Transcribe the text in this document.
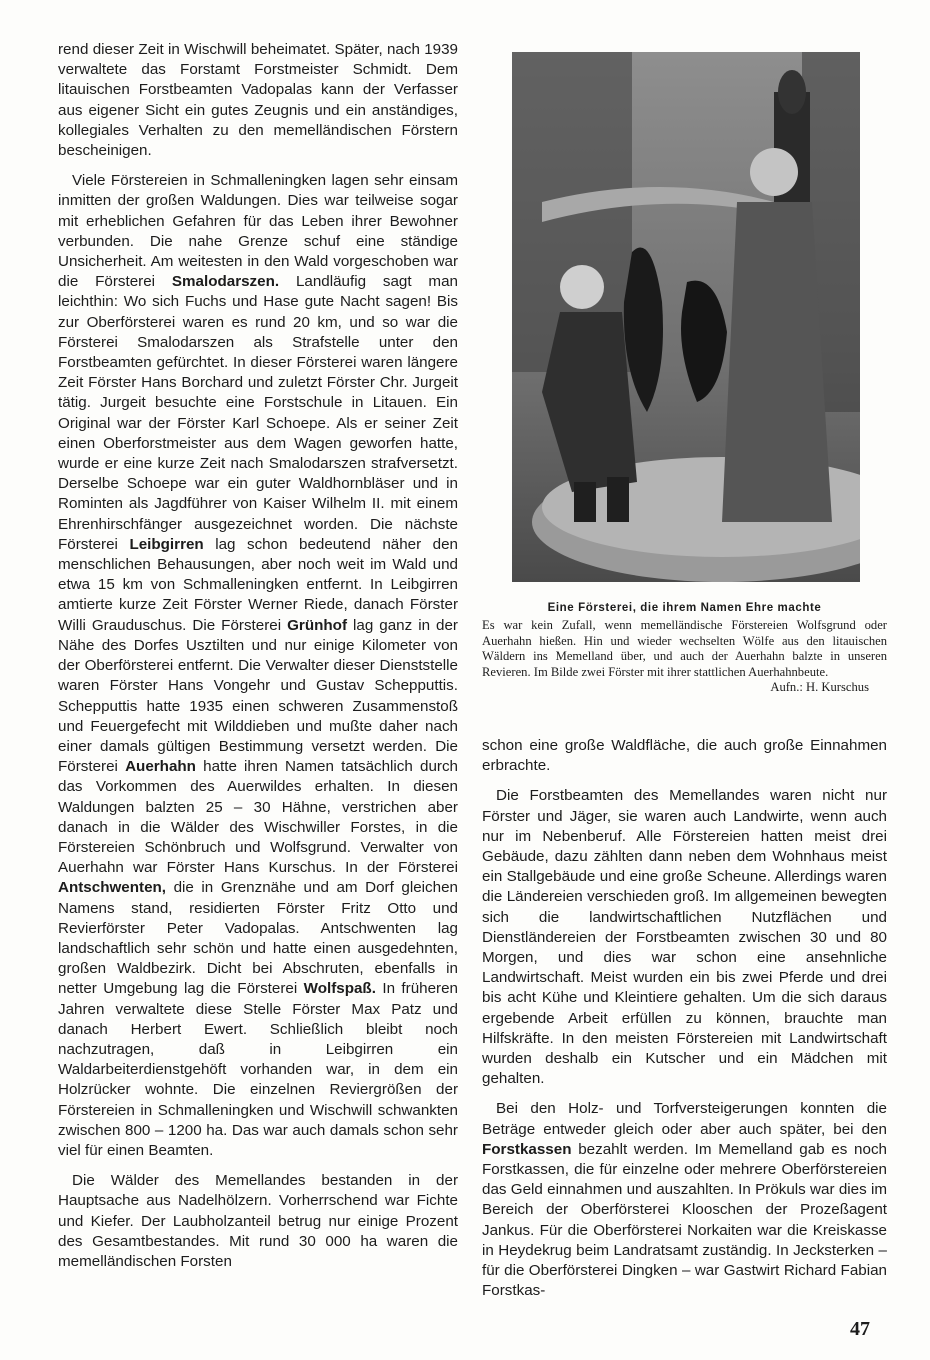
rend dieser Zeit in Wischwill beheimatet. Später, nach 1939 verwaltete das Forstamt Forstmeister Schmidt. Dem litauischen Forstbeamten Vadopalas kann der Verfasser aus eigener Sicht ein gutes Zeugnis und ein anständiges, kollegiales Verhalten zu den memelländischen Förstern bescheinigen.

Viele Förstereien in Schmalleningken lagen sehr einsam inmitten der großen Waldungen. Dies war teilweise sogar mit erheblichen Gefahren für das Leben ihrer Bewohner verbunden. Die nahe Grenze schuf eine ständige Unsicherheit. Am weitesten in den Wald vorgeschoben war die Försterei Smalodarszen. Landläufig sagt man leichthin: Wo sich Fuchs und Hase gute Nacht sagen! Bis zur Oberförsterei waren es rund 20 km, und so war die Försterei Smalodarszen als Strafstelle unter den Forstbeamten gefürchtet. In dieser Försterei waren längere Zeit Förster Hans Borchard und zuletzt Förster Chr. Jurgeit tätig. Jurgeit besuchte eine Forstschule in Litauen. Ein Original war der Förster Karl Schoepe. Als er seiner Zeit einen Oberforstmeister aus dem Wagen geworfen hatte, wurde er eine kurze Zeit nach Smalodarszen strafversetzt. Derselbe Schoepe war ein guter Waldhornbläser und in Rominten als Jagdführer von Kaiser Wilhelm II. mit einem Ehrenhirschfänger ausgezeichnet worden. Die nächste Försterei Leibgirren lag schon bedeutend näher den menschlichen Behausungen, aber noch weit im Wald und etwa 15 km von Schmalleningken entfernt. In Leibgirren amtierte kurze Zeit Förster Werner Riede, danach Förster Willi Grauduschus. Die Försterei Grünhof lag ganz in der Nähe des Dorfes Usztilten und nur einige Kilometer von der Oberförsterei entfernt. Die Verwalter dieser Dienststelle waren Förster Hans Vongehr und Gustav Schepputtis. Schepputtis hatte 1935 einen schweren Zusammenstoß und Feuergefecht mit Wilddieben und mußte daher nach einer damals gültigen Bestimmung versetzt werden. Die Försterei Auerhahn hatte ihren Namen tatsächlich durch das Vorkommen des Auerwildes erhalten. In diesen Waldungen balzten 25 – 30 Hähne, verstrichen aber danach in die Wälder des Wischwiller Forstes, in die Förstereien Schönbruch und Wolfsgrund. Verwalter von Auerhahn war Förster Hans Kurschus. In der Försterei Antschwenten, die in Grenznähe und am Dorf gleichen Namens stand, residierten Förster Fritz Otto und Revierförster Peter Vadopalas. Antschwenten lag landschaftlich sehr schön und hatte einen ausgedehnten, großen Waldbezirk. Dicht bei Abschruten, ebenfalls in netter Umgebung lag die Försterei Wolfspaß. In früheren Jahren verwaltete diese Stelle Förster Max Patz und danach Herbert Ewert. Schließlich bleibt noch nachzutragen, daß in Leibgirren ein Waldarbeiterdienstgehöft vorhanden war, in dem ein Holzrücker wohnte. Die einzelnen Reviergrößen der Förstereien in Schmalleningken und Wischwill schwankten zwischen 800 – 1200 ha. Das war auch damals schon sehr viel für einen Beamten.

Die Wälder des Memellandes bestanden in der Hauptsache aus Nadelhölzern. Vorherrschend war Fichte und Kiefer. Der Laubholzanteil betrug nur einige Prozent des Gesamtbestandes. Mit rund 30 000 ha waren die memelländischen Forsten

Eine Försterei, die ihrem Namen Ehre machte

Es war kein Zufall, wenn memelländische Förstereien Wolfsgrund oder Auerhahn hießen. Hin und wieder wechselten Wölfe aus den litauischen Wäldern ins Memelland über, und auch der Auerhahn balzte in unseren Revieren. Im Bilde zwei Förster mit ihrer stattlichen Auerhahnbeute.

Aufn.: H. Kurschus

schon eine große Waldfläche, die auch große Einnahmen erbrachte.

Die Forstbeamten des Memellandes waren nicht nur Förster und Jäger, sie waren auch Landwirte, wenn auch nur im Nebenberuf. Alle Förstereien hatten meist drei Gebäude, dazu zählten dann neben dem Wohnhaus meist ein Stallgebäude und eine große Scheune. Allerdings waren die Ländereien verschieden groß. Im allgemeinen bewegten sich die landwirtschaftlichen Nutzflächen und Dienstländereien der Forstbeamten zwischen 30 und 80 Morgen, und dies war schon eine ansehnliche Landwirtschaft. Meist wurden ein bis zwei Pferde und drei bis acht Kühe und Kleintiere gehalten. Um die sich daraus ergebende Arbeit erfüllen zu können, brauchte man Hilfskräfte. In den meisten Förstereien mit Landwirtschaft wurden deshalb ein Kutscher und ein Mädchen mit gehalten.

Bei den Holz- und Torfversteigerungen konnten die Beträge entweder gleich oder aber auch später, bei den Forstkassen bezahlt werden. Im Memelland gab es noch Forstkassen, die für einzelne oder mehrere Oberförstereien das Geld einnahmen und auszahlten. In Prökuls war dies im Bereich der Oberförsterei Klooschen der Prozeßagent Jankus. Für die Oberförsterei Norkaiten war die Kreiskasse in Heydekrug beim Landratsamt zuständig. In Jecksterken – für die Oberförsterei Dingken – war Gastwirt Richard Fabian Forstkas-

47
